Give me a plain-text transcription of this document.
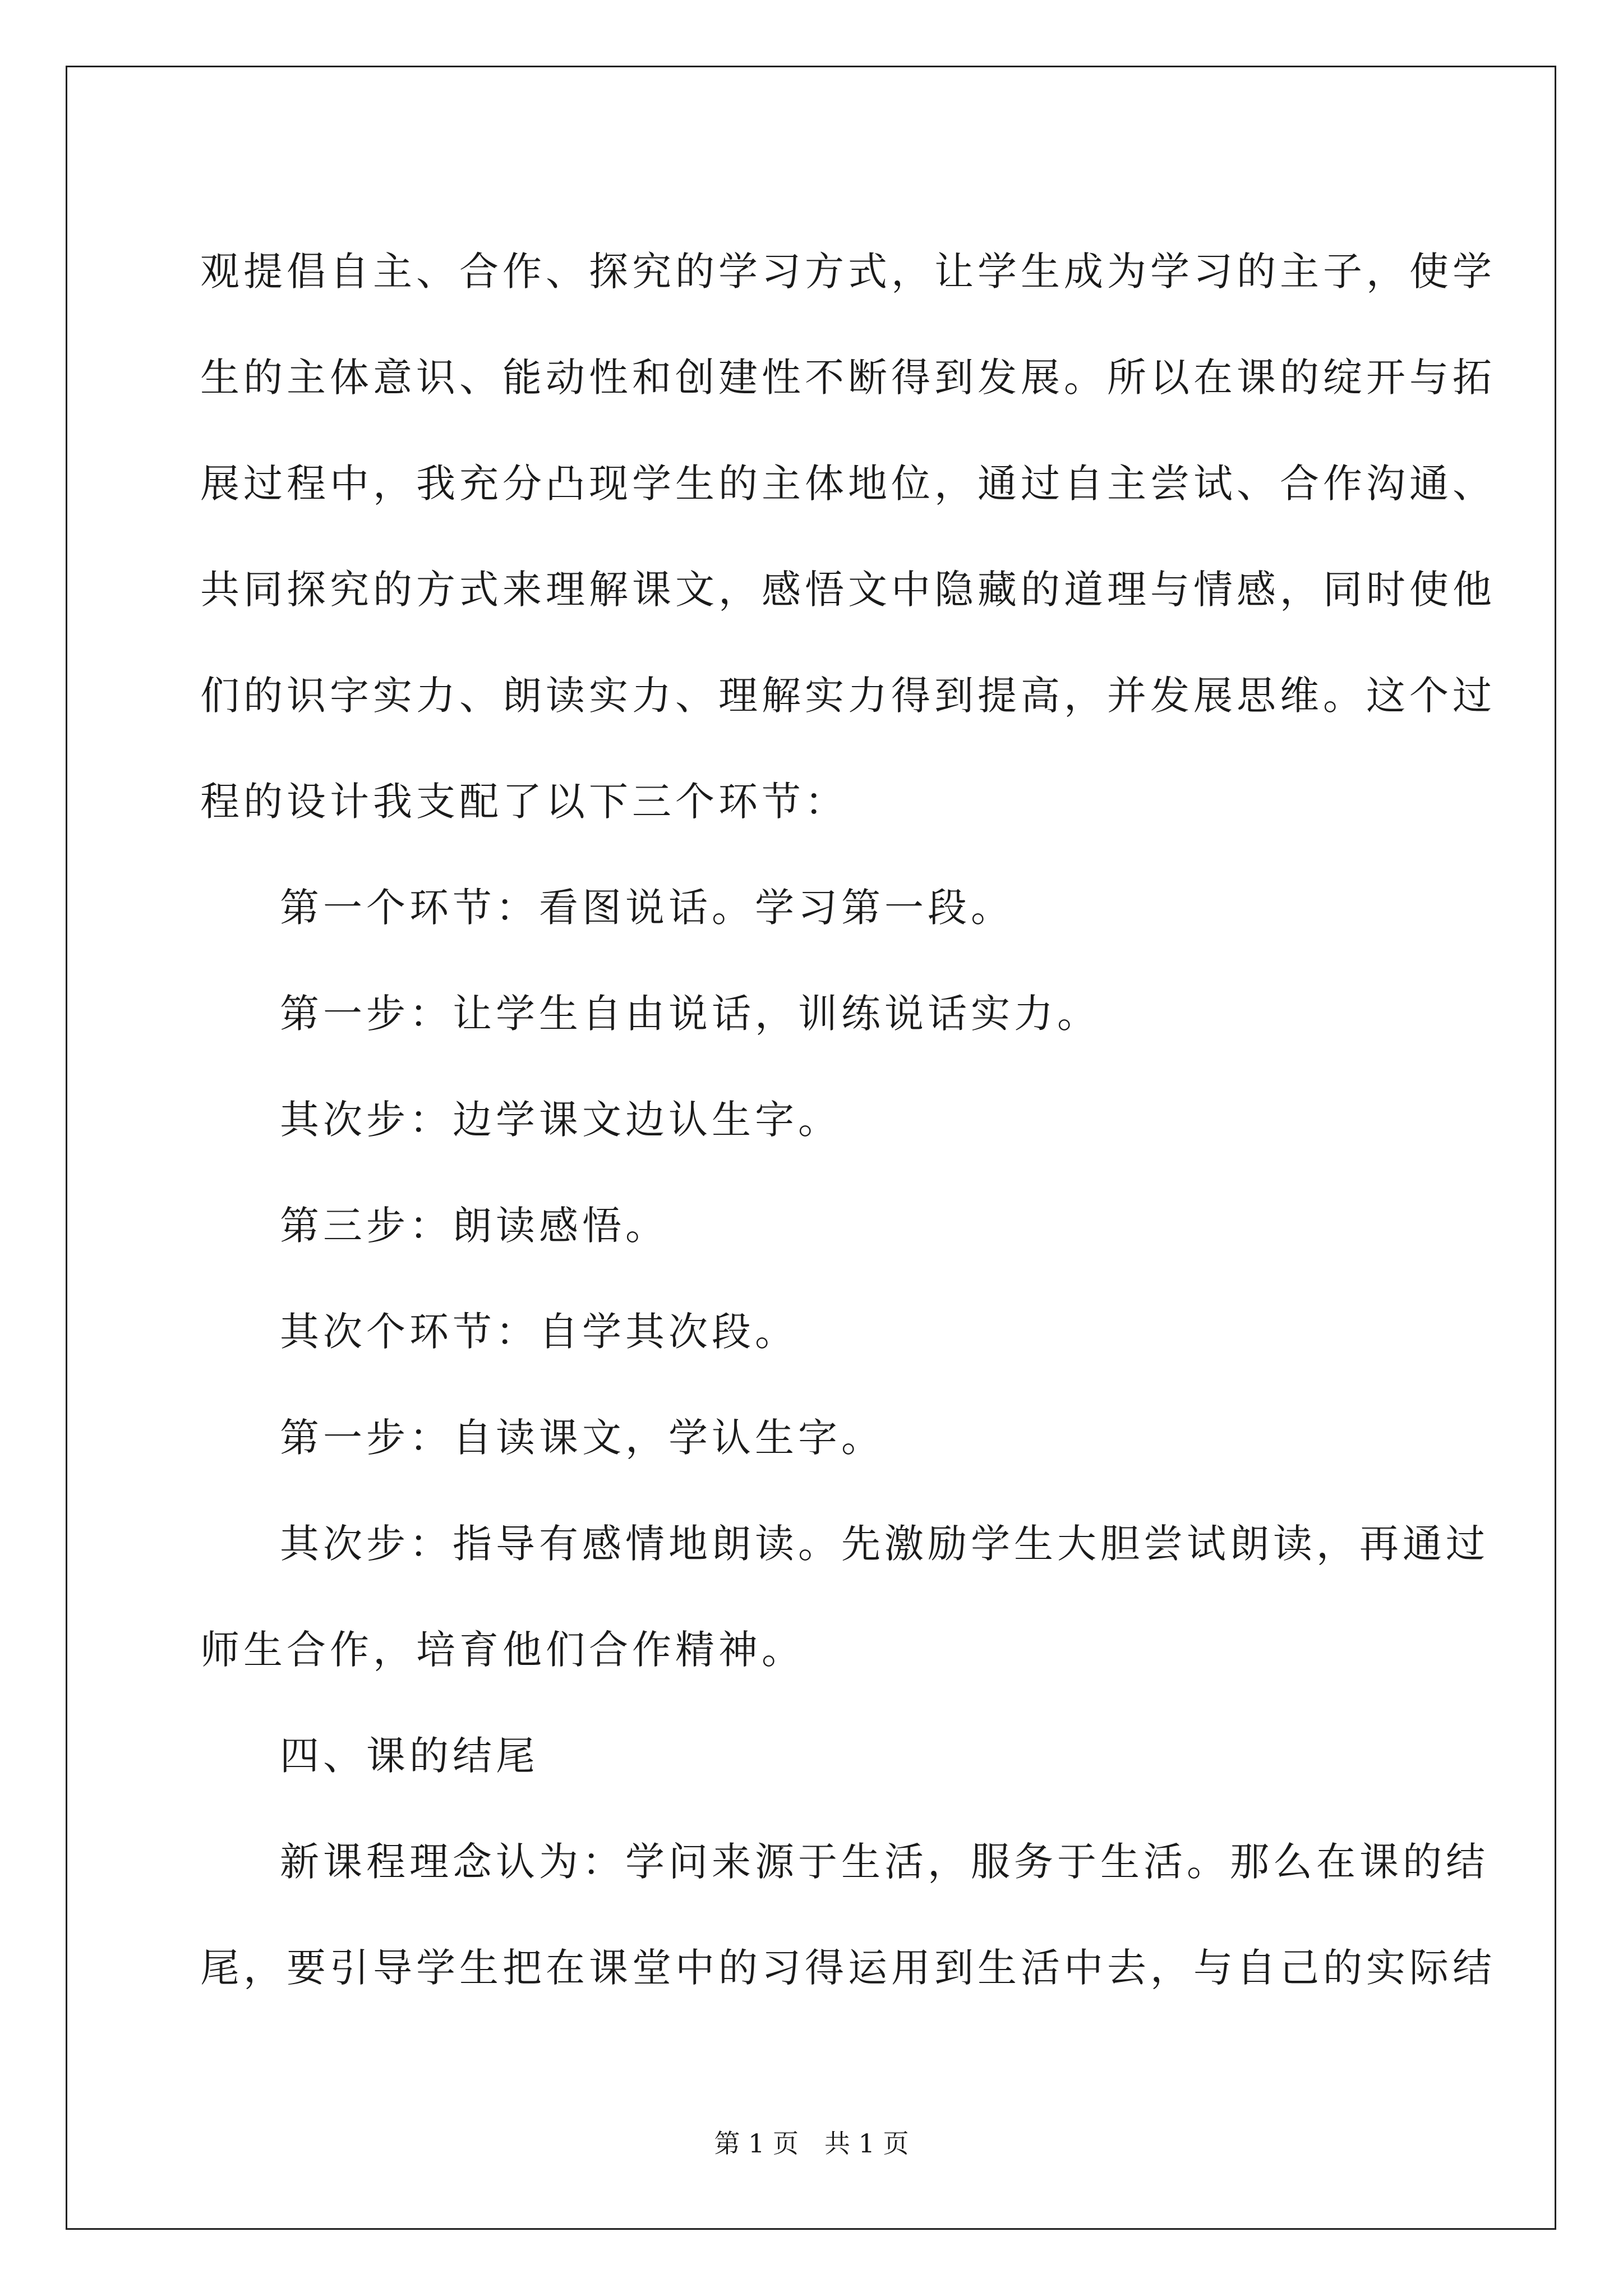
观提倡自主、合作、探究的学习方式，让学生成为学习的主子，使学
生的主体意识、能动性和创建性不断得到发展。所以在课的绽开与拓
展过程中，我充分凸现学生的主体地位，通过自主尝试、合作沟通、
共同探究的方式来理解课文，感悟文中隐藏的道理与情感，同时使他
们的识字实力、朗读实力、理解实力得到提高，并发展思维。这个过
程的设计我支配了以下三个环节：
第一个环节：看图说话。学习第一段。
第一步：让学生自由说话，训练说话实力。
其次步：边学课文边认生字。
第三步：朗读感悟。
其次个环节：自学其次段。
第一步：自读课文，学认生字。
其次步：指导有感情地朗读。先激励学生大胆尝试朗读，再通过
师生合作，培育他们合作精神。
四、课的结尾
新课程理念认为：学问来源于生活，服务于生活。那么在课的结
尾，要引导学生把在课堂中的习得运用到生活中去，与自己的实际结
第 1 页　共 1 页
